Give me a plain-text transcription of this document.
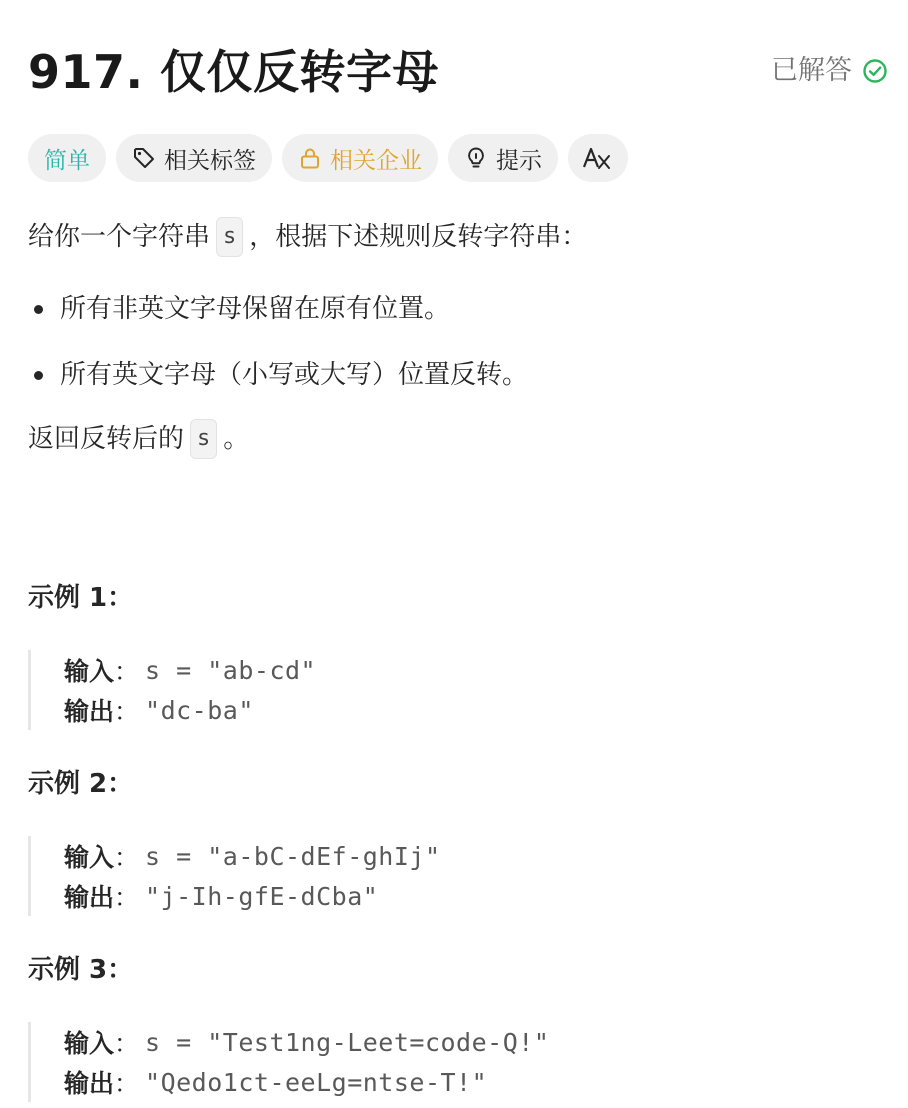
917. 仅仅反转字母	已解答
简单	相关标签	相关企业	提示

给你一个字符串 s ，根据下述规则反转字符串：

所有非英文字母保留在原有位置。
所有英文字母（小写或大写）位置反转。

返回反转后的 s 。

示例 1：
输入 ： s = "ab-cd"
输出 ： "dc-ba"
示例 2：
输入 ： s = "a-bC-dEf-ghIj"
输出 ： "j-Ih-gfE-dCba"
示例 3：
输入 ： s = "Test1ng-Leet=code-Q!"
输出 ： "Qedo1ct-eeLg=ntse-T!"
